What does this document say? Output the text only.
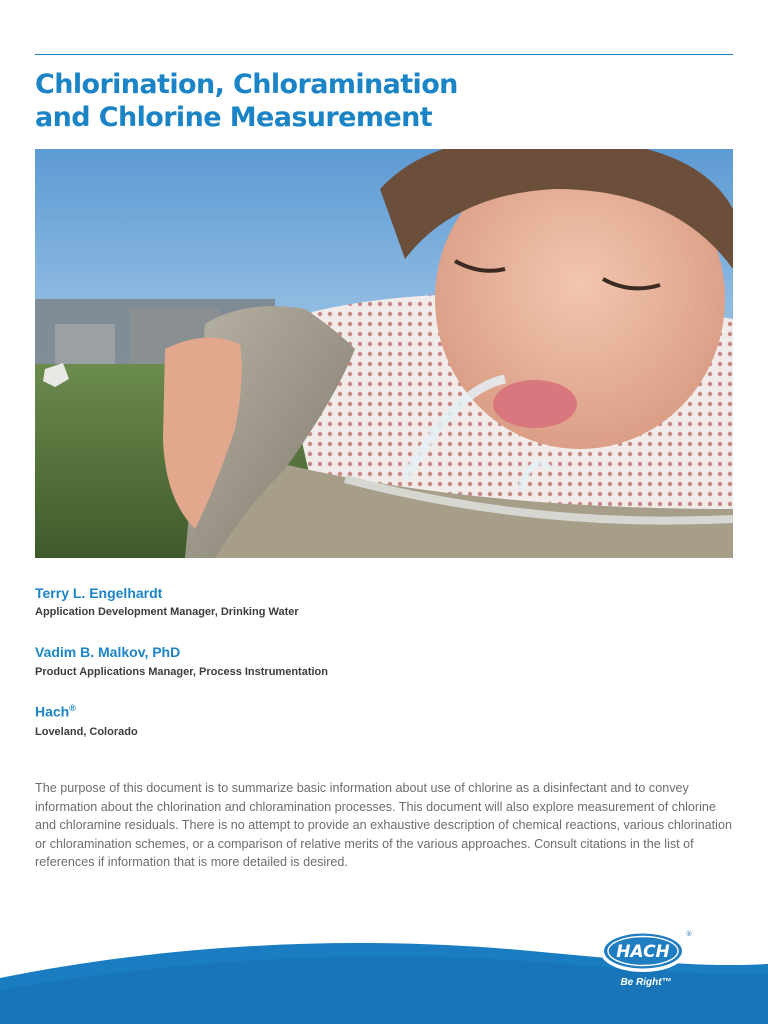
Chlorination, Chloramination
and Chlorine Measurement
Terry L. Engelhardt
Application Development Manager, Drinking Water
Vadim B. Malkov, PhD
Product Applications Manager, Process Instrumentation
Hach®
Loveland, Colorado

The purpose of this document is to summarize basic information about use of chlorine as a disinfectant and to convey information about the chlorination and chloramination processes. This document will also explore measurement of chlorine and chloramine residuals. There is no attempt to provide an exhaustive description of chemical reactions, various chlorination or chloramination schemes, or a comparison of relative merits of the various approaches. Consult citations in the list of references if information that is more detailed is desired.

HACH
®
Be Right™
